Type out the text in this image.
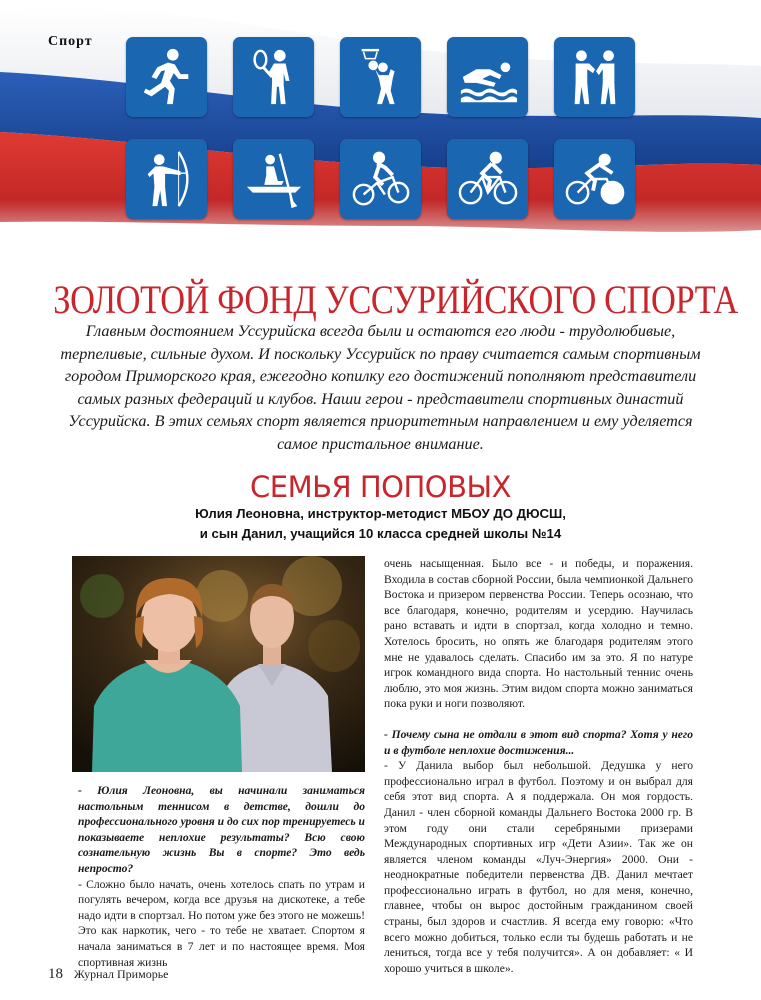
Спорт
ЗОЛОТОЙ ФОНД УССУРИЙСКОГО СПОРТА
Главным достоянием Уссурийска всегда были и остаются его люди - трудолюбивые, терпеливые, сильные духом. И поскольку Уссурийск по праву считается самым спортивным городом Приморского края, ежегодно копилку его достижений пополняют представители самых разных федераций и клубов. Наши герои - представители спортивных династий Уссурийска. В этих семьях спорт является приоритетным направлением и ему уделяется самое пристальное внимание.
СЕМЬЯ ПОПОВЫХ
Юлия Леоновна, инструктор-методист МБОУ ДО ДЮСШ,
и сын Данил, учащийся 10 класса средней школы №14

- Юлия Леоновна, вы начинали заниматься настольным теннисом в детстве, дошли до профессионального уровня и до сих пор тренируетесь и показываете неплохие результаты? Всю свою сознательную жизнь Вы в спорте? Это ведь непросто?

- Сложно было начать, очень хотелось спать по утрам и погулять вечером, когда все друзья на дискотеке, а тебе надо идти в спортзал. Но потом уже без этого не можешь! Это как наркотик, чего - то тебе не хватает. Спортом я начала заниматься в 7 лет и по настоящее время. Моя спортивная жизнь

очень насыщенная. Было все - и победы, и поражения. Входила в состав сборной России, была чемпионкой Дальнего Востока и призером первенства России. Теперь осознаю, что все благодаря, конечно, родителям и усердию. Научилась рано вставать и идти в спортзал, когда холодно и темно. Хотелось бросить, но опять же благодаря родителям этого мне не удавалось сделать. Спасибо им за это. Я по натуре игрок командного вида спорта. Но настольный теннис очень люблю, это моя жизнь. Этим видом спорта можно заниматься пока руки и ноги позволяют.

- Почему сына не отдали в этот вид спорта? Хотя у него и в футболе неплохие достижения...

- У Данила выбор был небольшой. Дедушка у него профессионально играл в футбол. Поэтому и он выбрал для себя этот вид спорта. А я поддержала. Он моя гордость. Данил - член сборной команды Дальнего Востока 2000 гр. В этом году они стали серебряными призерами Международных спортивных игр «Дети Азии». Так же он является членом команды «Луч-Энергия» 2000. Они - неоднократные победители первенства ДВ. Данил мечтает профессионально играть в футбол, но для меня, конечно, главнее, чтобы он вырос достойным гражданином своей страны, был здоров и счастлив. Я всегда ему говорю: «Что всего можно добиться, только если ты будешь работать и не лениться, тогда все у тебя получится». А он добавляет: « И хорошо учиться в школе».

18 Журнал Приморье
